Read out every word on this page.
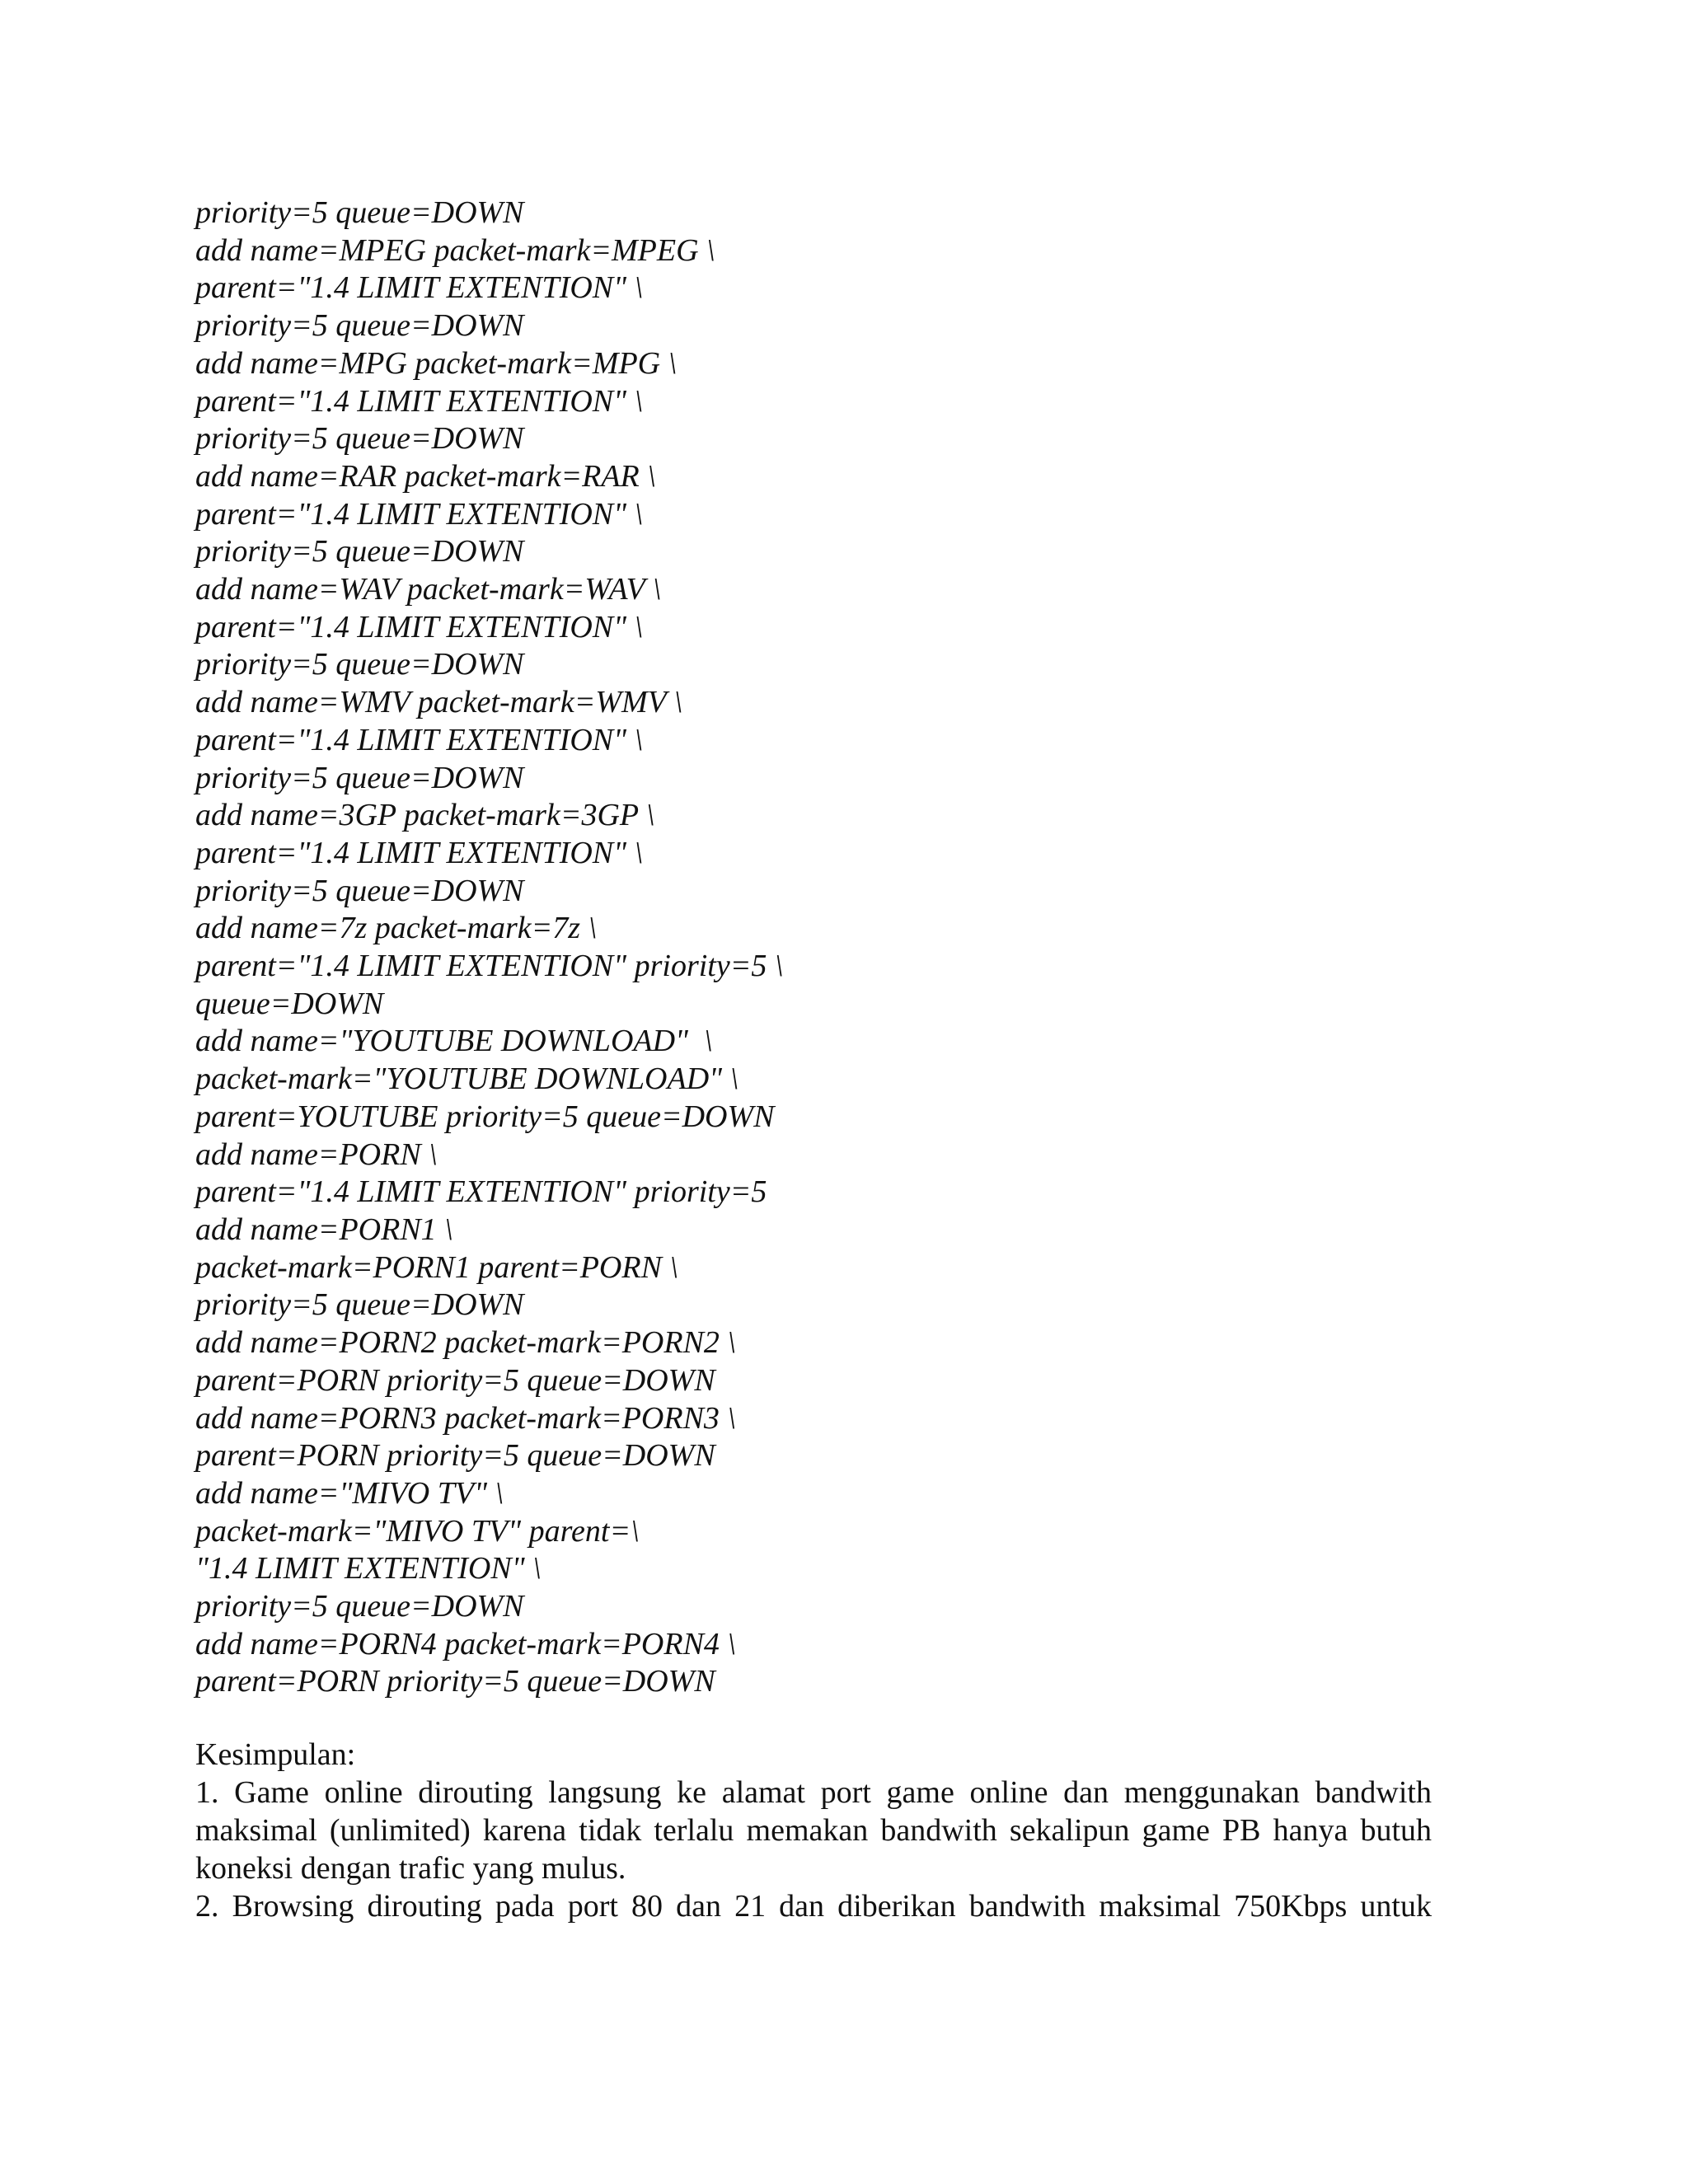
priority=5 queue=DOWN

add name=MPEG packet-mark=MPEG \

parent="1.4 LIMIT EXTENTION" \

priority=5 queue=DOWN

add name=MPG packet-mark=MPG \

parent="1.4 LIMIT EXTENTION" \

priority=5 queue=DOWN

add name=RAR packet-mark=RAR \

parent="1.4 LIMIT EXTENTION" \

priority=5 queue=DOWN

add name=WAV packet-mark=WAV \

parent="1.4 LIMIT EXTENTION" \

priority=5 queue=DOWN

add name=WMV packet-mark=WMV \

parent="1.4 LIMIT EXTENTION" \

priority=5 queue=DOWN

add name=3GP packet-mark=3GP \

parent="1.4 LIMIT EXTENTION" \

priority=5 queue=DOWN

add name=7z packet-mark=7z \

parent="1.4 LIMIT EXTENTION" priority=5 \

queue=DOWN

add name="YOUTUBE DOWNLOAD"  \

packet-mark="YOUTUBE DOWNLOAD" \

parent=YOUTUBE priority=5 queue=DOWN

add name=PORN \

parent="1.4 LIMIT EXTENTION" priority=5

add name=PORN1 \

packet-mark=PORN1 parent=PORN \

priority=5 queue=DOWN

add name=PORN2 packet-mark=PORN2 \

parent=PORN priority=5 queue=DOWN

add name=PORN3 packet-mark=PORN3 \

parent=PORN priority=5 queue=DOWN

add name="MIVO TV" \

packet-mark="MIVO TV" parent=\

"1.4 LIMIT EXTENTION" \

priority=5 queue=DOWN

add name=PORN4 packet-mark=PORN4 \

parent=PORN priority=5 queue=DOWN

Kesimpulan:

1. Game online dirouting langsung ke alamat port game online dan menggunakan bandwith

maksimal (unlimited) karena tidak terlalu memakan bandwith sekalipun game PB hanya butuh

koneksi dengan trafic yang mulus.

2. Browsing dirouting pada port 80 dan 21 dan diberikan bandwith maksimal 750Kbps untuk
